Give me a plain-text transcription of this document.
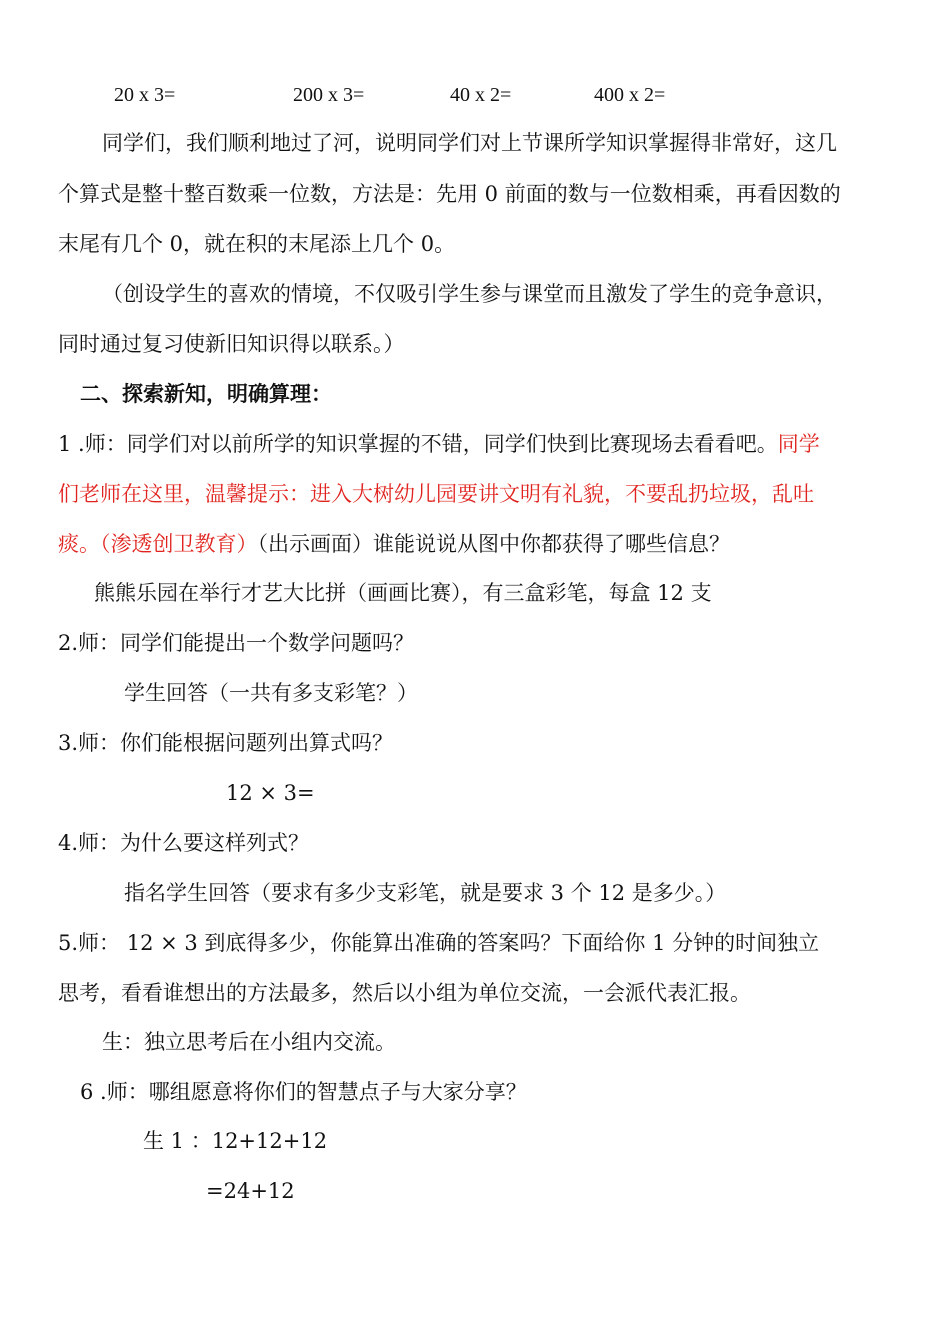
20 x 3=	200 x 3=	40 x 2=	400 x 2=
同学们，我们顺利地过了河，说明同学们对上节课所学知识掌握得非常好，这几
个算式是整十整百数乘一位数，方法是：先用 0 前面的数与一位数相乘，再看因数的
末尾有几个 0，就在积的末尾添上几个 0。
（创设学生的喜欢的情境，不仅吸引学生参与课堂而且激发了学生的竞争意识，
同时通过复习使新旧知识得以联系。）
二、探索新知，明确算理：
1 .师：同学们对以前所学的知识掌握的不错，同学们快到比赛现场去看看吧。同学
们老师在这里，温馨提示：进入大树幼儿园要讲文明有礼貌，不要乱扔垃圾，乱吐
痰。（渗透创卫教育）（出示画面）谁能说说从图中你都获得了哪些信息？
熊熊乐园在举行才艺大比拼（画画比赛），有三盒彩笔，每盒 12 支
2.师：同学们能提出一个数学问题吗？
学生回答（一共有多支彩笔？）
3.师：你们能根据问题列出算式吗？
12 × 3=
4.师：为什么要这样列式？
指名学生回答（要求有多少支彩笔，就是要求 3 个 12 是多少。）
5.师： 12 × 3 到底得多少，你能算出准确的答案吗？下面给你 1 分钟的时间独立
思考，看看谁想出的方法最多，然后以小组为单位交流，一会派代表汇报。
生：独立思考后在小组内交流。
6 .师：哪组愿意将你们的智慧点子与大家分享？
生 1 ：12+12+12
=24+12
